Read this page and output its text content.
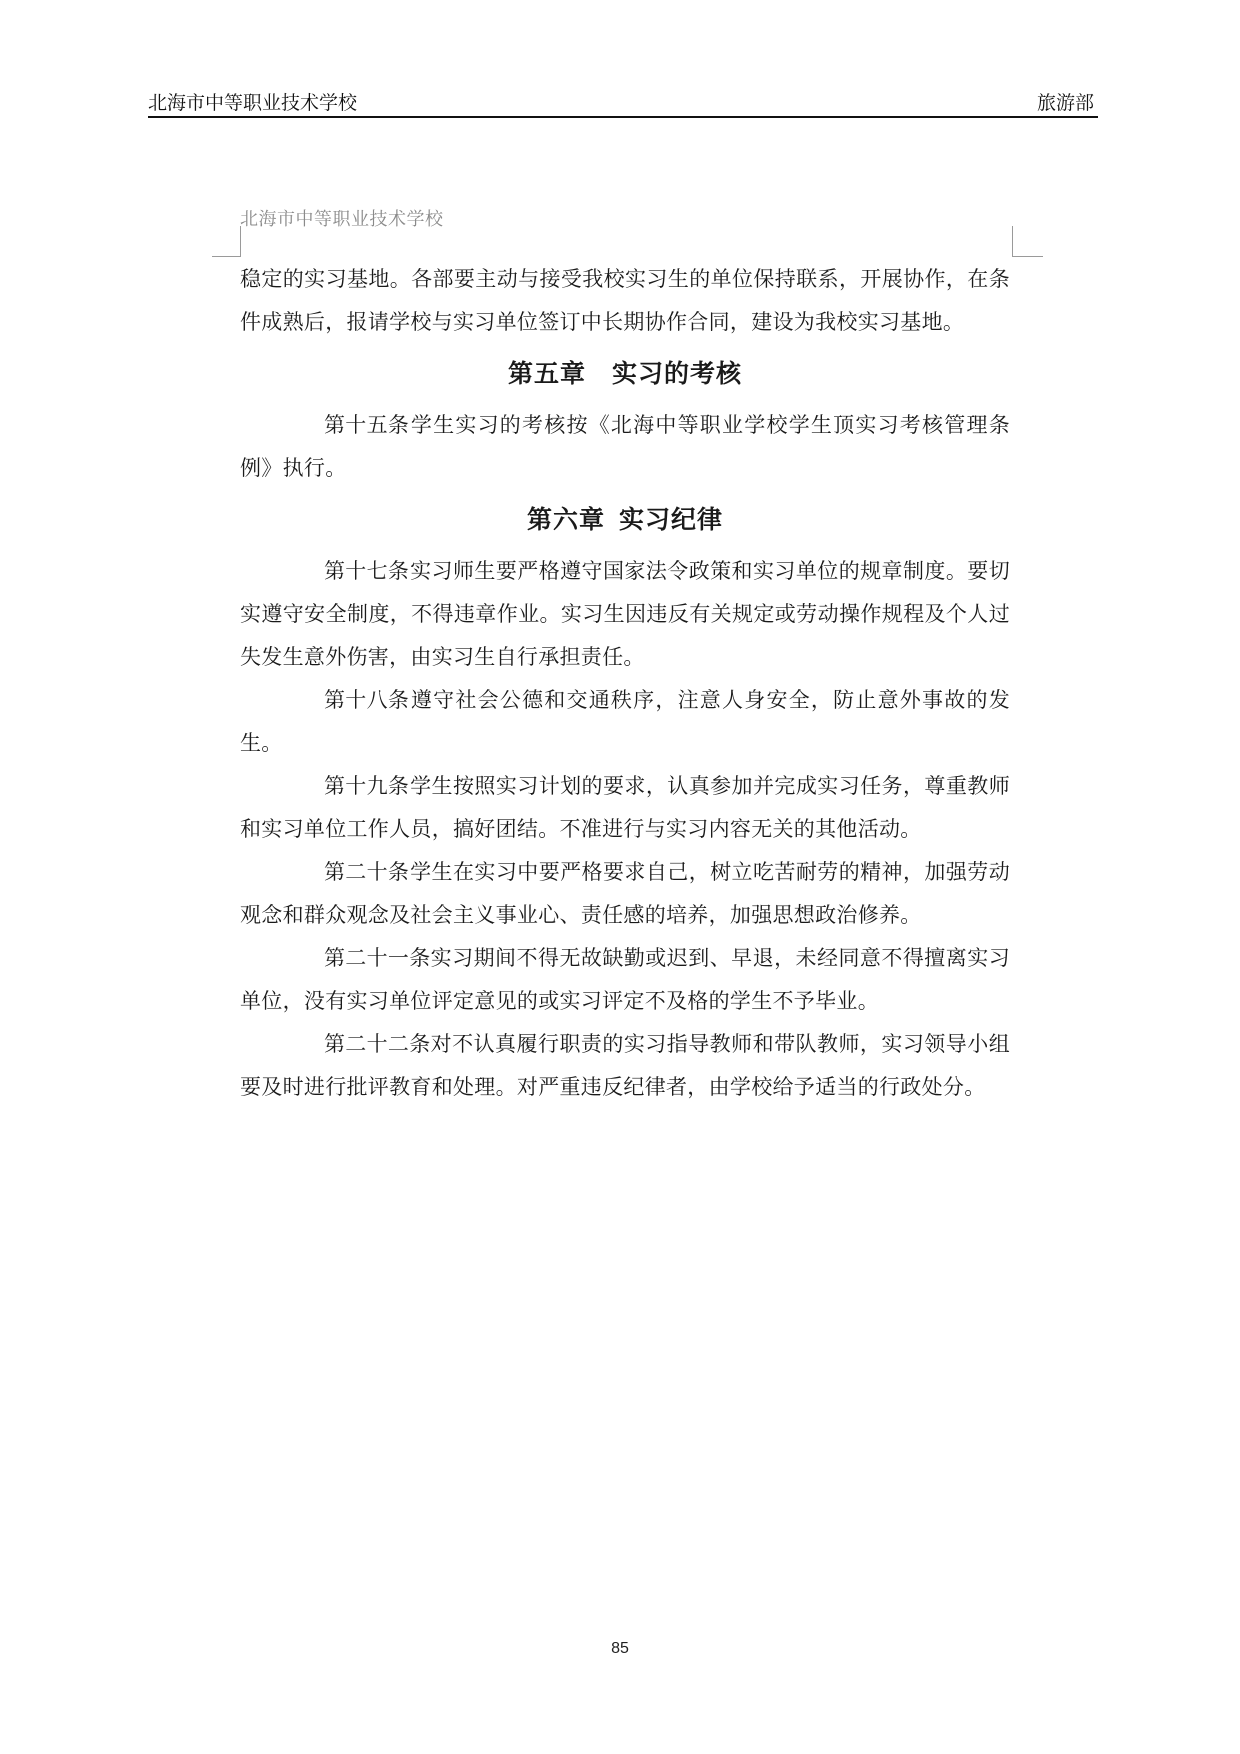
北海市中等职业技术学校	旅游部
北海市中等职业技术学校

稳定的实习基地。各部要主动与接受我校实习生的单位保持联系，开展协作，在条件成熟后，报请学校与实习单位签订中长期协作合同，建设为我校实习基地。

第五章 实习的考核

第十五条学生实习的考核按《北海中等职业学校学生顶实习考核管理条例》执行。

第六章 实习纪律

第十七条实习师生要严格遵守国家法令政策和实习单位的规章制度。要切实遵守安全制度，不得违章作业。实习生因违反有关规定或劳动操作规程及个人过失发生意外伤害，由实习生自行承担责任。

第十八条遵守社会公德和交通秩序，注意人身安全，防止意外事故的发生。

第十九条学生按照实习计划的要求，认真参加并完成实习任务，尊重教师和实习单位工作人员，搞好团结。不准进行与实习内容无关的其他活动。

第二十条学生在实习中要严格要求自己，树立吃苦耐劳的精神，加强劳动观念和群众观念及社会主义事业心、责任感的培养，加强思想政治修养。

第二十一条实习期间不得无故缺勤或迟到、早退，未经同意不得擅离实习单位，没有实习单位评定意见的或实习评定不及格的学生不予毕业。

第二十二条对不认真履行职责的实习指导教师和带队教师，实习领导小组要及时进行批评教育和处理。对严重违反纪律者，由学校给予适当的行政处分。

85
